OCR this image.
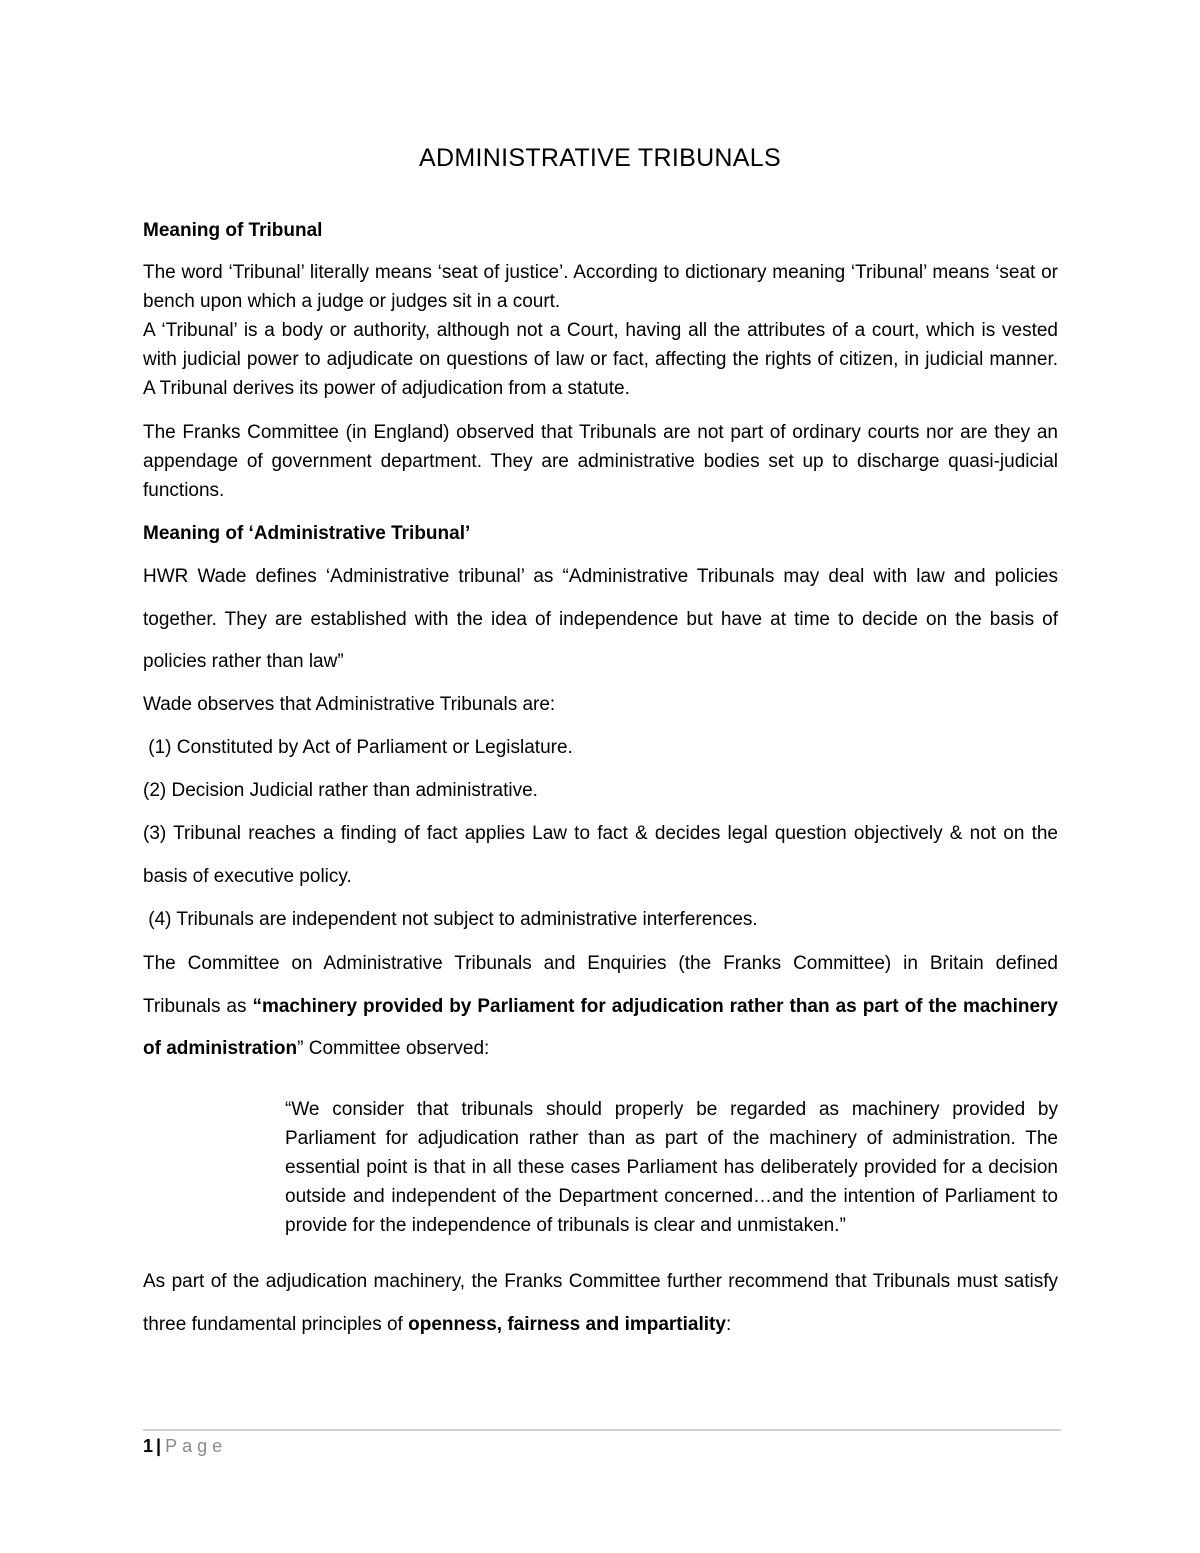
ADMINISTRATIVE TRIBUNALS
Meaning of Tribunal
The word ‘Tribunal’ literally means ‘seat of justice’. According to dictionary meaning ‘Tribunal’ means ‘seat or bench upon which a judge or judges sit in a court.
A ‘Tribunal’ is a body or authority, although not a Court, having all the attributes of a court, which is vested with judicial power to adjudicate on questions of law or fact, affecting the rights of citizen, in judicial manner. A Tribunal derives its power of adjudication from a statute.
The Franks Committee (in England) observed that Tribunals are not part of ordinary courts nor are they an appendage of government department. They are administrative bodies set up to discharge quasi-judicial functions.
Meaning of ‘Administrative Tribunal’
HWR Wade defines ‘Administrative tribunal’ as “Administrative Tribunals may deal with law and policies together. They are established with the idea of independence but have at time to decide on the basis of policies rather than law”
Wade observes that Administrative Tribunals are:
(1) Constituted by Act of Parliament or Legislature.
(2) Decision Judicial rather than administrative.
(3) Tribunal reaches a finding of fact applies Law to fact & decides legal question objectively & not on the basis of executive policy.
(4) Tribunals are independent not subject to administrative interferences.
The Committee on Administrative Tribunals and Enquiries (the Franks Committee) in Britain defined Tribunals as “machinery provided by Parliament for adjudication rather than as part of the machinery of administration” Committee observed:
“We consider that tribunals should properly be regarded as machinery provided by Parliament for adjudication rather than as part of the machinery of administration. The essential point is that in all these cases Parliament has deliberately provided for a decision outside and independent of the Department concerned…and the intention of Parliament to provide for the independence of tribunals is clear and unmistaken.”
As part of the adjudication machinery, the Franks Committee further recommend that Tribunals must satisfy three fundamental principles of openness, fairness and impartiality:
1 | Page
